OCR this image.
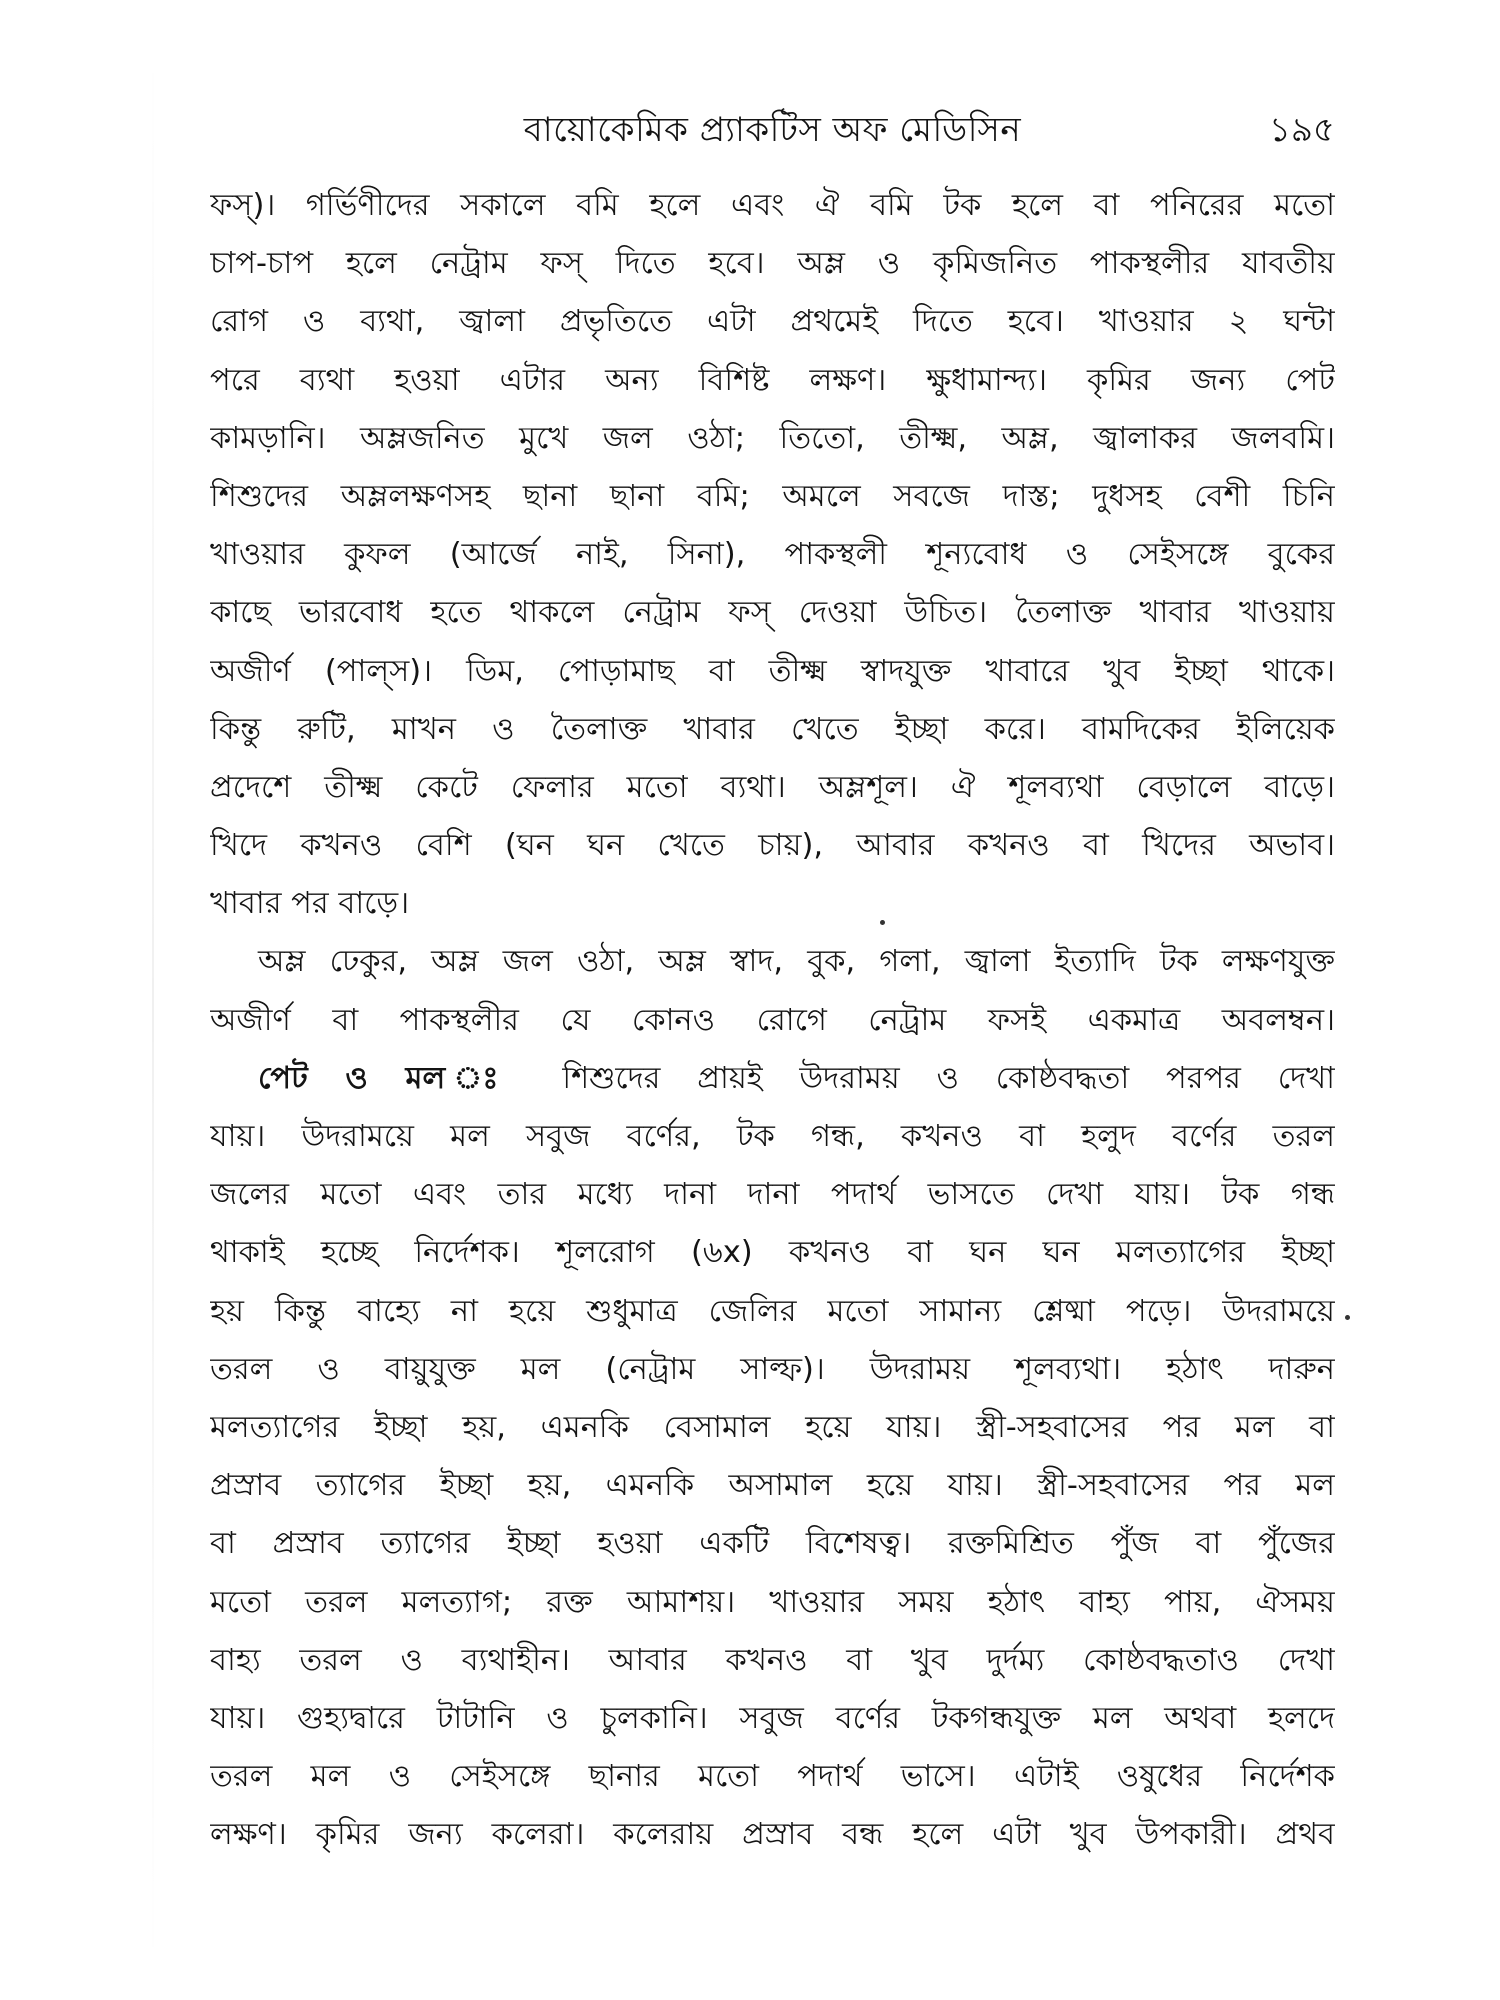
বায়োকেমিক প্র্যাকটিস অফ মেডিসিন	১৯৫
ফস্)। গর্ভিণীদের সকালে বমি হলে এবং ঐ বমি টক হলে বা পনিরের মতো
চাপ-চাপ হলে নেট্রাম ফস্ দিতে হবে। অম্ল ও কৃমিজনিত পাকস্থলীর যাবতীয়
রোগ ও ব্যথা, জ্বালা প্রভৃতিতে এটা প্রথমেই দিতে হবে। খাওয়ার ২ ঘন্টা
পরে ব্যথা হওয়া এটার অন্য বিশিষ্ট লক্ষণ। ক্ষুধামান্দ্য। কৃমির জন্য পেট
কামড়ানি। অম্লজনিত মুখে জল ওঠা; তিতো, তীক্ষ্ম, অম্ল, জ্বালাকর জলবমি।
শিশুদের অম্ললক্ষণসহ ছানা ছানা বমি; অমলে সবজে দাস্ত; দুধসহ বেশী চিনি
খাওয়ার কুফল (আর্জে নাই, সিনা), পাকস্থলী শূন্যবোধ ও সেইসঙ্গে বুকের
কাছে ভারবোধ হতে থাকলে নেট্রাম ফস্ দেওয়া উচিত। তৈলাক্ত খাবার খাওয়ায়
অজীর্ণ (পাল্স)। ডিম, পোড়ামাছ বা তীক্ষ্ম স্বাদযুক্ত খাবারে খুব ইচ্ছা থাকে।
কিন্তু রুটি, মাখন ও তৈলাক্ত খাবার খেতে ইচ্ছা করে। বামদিকের ইলিয়েক
প্রদেশে তীক্ষ্ম কেটে ফেলার মতো ব্যথা। অম্লশূল। ঐ শূলব্যথা বেড়ালে বাড়ে।
খিদে কখনও বেশি (ঘন ঘন খেতে চায়), আবার কখনও বা খিদের অভাব।
খাবার পর বাড়ে।
অম্ল ঢেকুর, অম্ল জল ওঠা, অম্ল স্বাদ, বুক, গলা, জ্বালা ইত্যাদি টক লক্ষণযুক্ত
অজীর্ণ বা পাকস্থলীর যে কোনও রোগে নেট্রাম ফসই একমাত্র অবলম্বন।
পেট ও মল ঃ শিশুদের প্রায়ই উদরাময় ও কোষ্ঠবদ্ধতা পরপর দেখা
যায়। উদরাময়ে মল সবুজ বর্ণের, টক গন্ধ, কখনও বা হলুদ বর্ণের তরল
জলের মতো এবং তার মধ্যে দানা দানা পদার্থ ভাসতে দেখা যায়। টক গন্ধ
থাকাই হচ্ছে নির্দেশক। শূলরোগ (৬x) কখনও বা ঘন ঘন মলত্যাগের ইচ্ছা
হয় কিন্তু বাহ্যে না হয়ে শুধুমাত্র জেলির মতো সামান্য শ্লেষ্মা পড়ে। উদরাময়ে
তরল ও বায়ুযুক্ত মল (নেট্রাম সাল্ফ)। উদরাময় শূলব্যথা। হঠাৎ দারুন
মলত্যাগের ইচ্ছা হয়, এমনকি বেসামাল হয়ে যায়। স্ত্রী-সহবাসের পর মল বা
প্রস্রাব ত্যাগের ইচ্ছা হয়, এমনকি অসামাল হয়ে যায়। স্ত্রী-সহবাসের পর মল
বা প্রস্রাব ত্যাগের ইচ্ছা হওয়া একটি বিশেষত্ব। রক্তমিশ্রিত পুঁজ বা পুঁজের
মতো তরল মলত্যাগ; রক্ত আমাশয়। খাওয়ার সময় হঠাৎ বাহ্য পায়, ঐসময়
বাহ্য তরল ও ব্যথাহীন। আবার কখনও বা খুব দুর্দম্য কোষ্ঠবদ্ধতাও দেখা
যায়। গুহ্যদ্বারে টাটানি ও চুলকানি। সবুজ বর্ণের টকগন্ধযুক্ত মল অথবা হলদে
তরল মল ও সেইসঙ্গে ছানার মতো পদার্থ ভাসে। এটাই ওষুধের নির্দেশক
লক্ষণ। কৃমির জন্য কলেরা। কলেরায় প্রস্রাব বন্ধ হলে এটা খুব উপকারী। প্রথব
